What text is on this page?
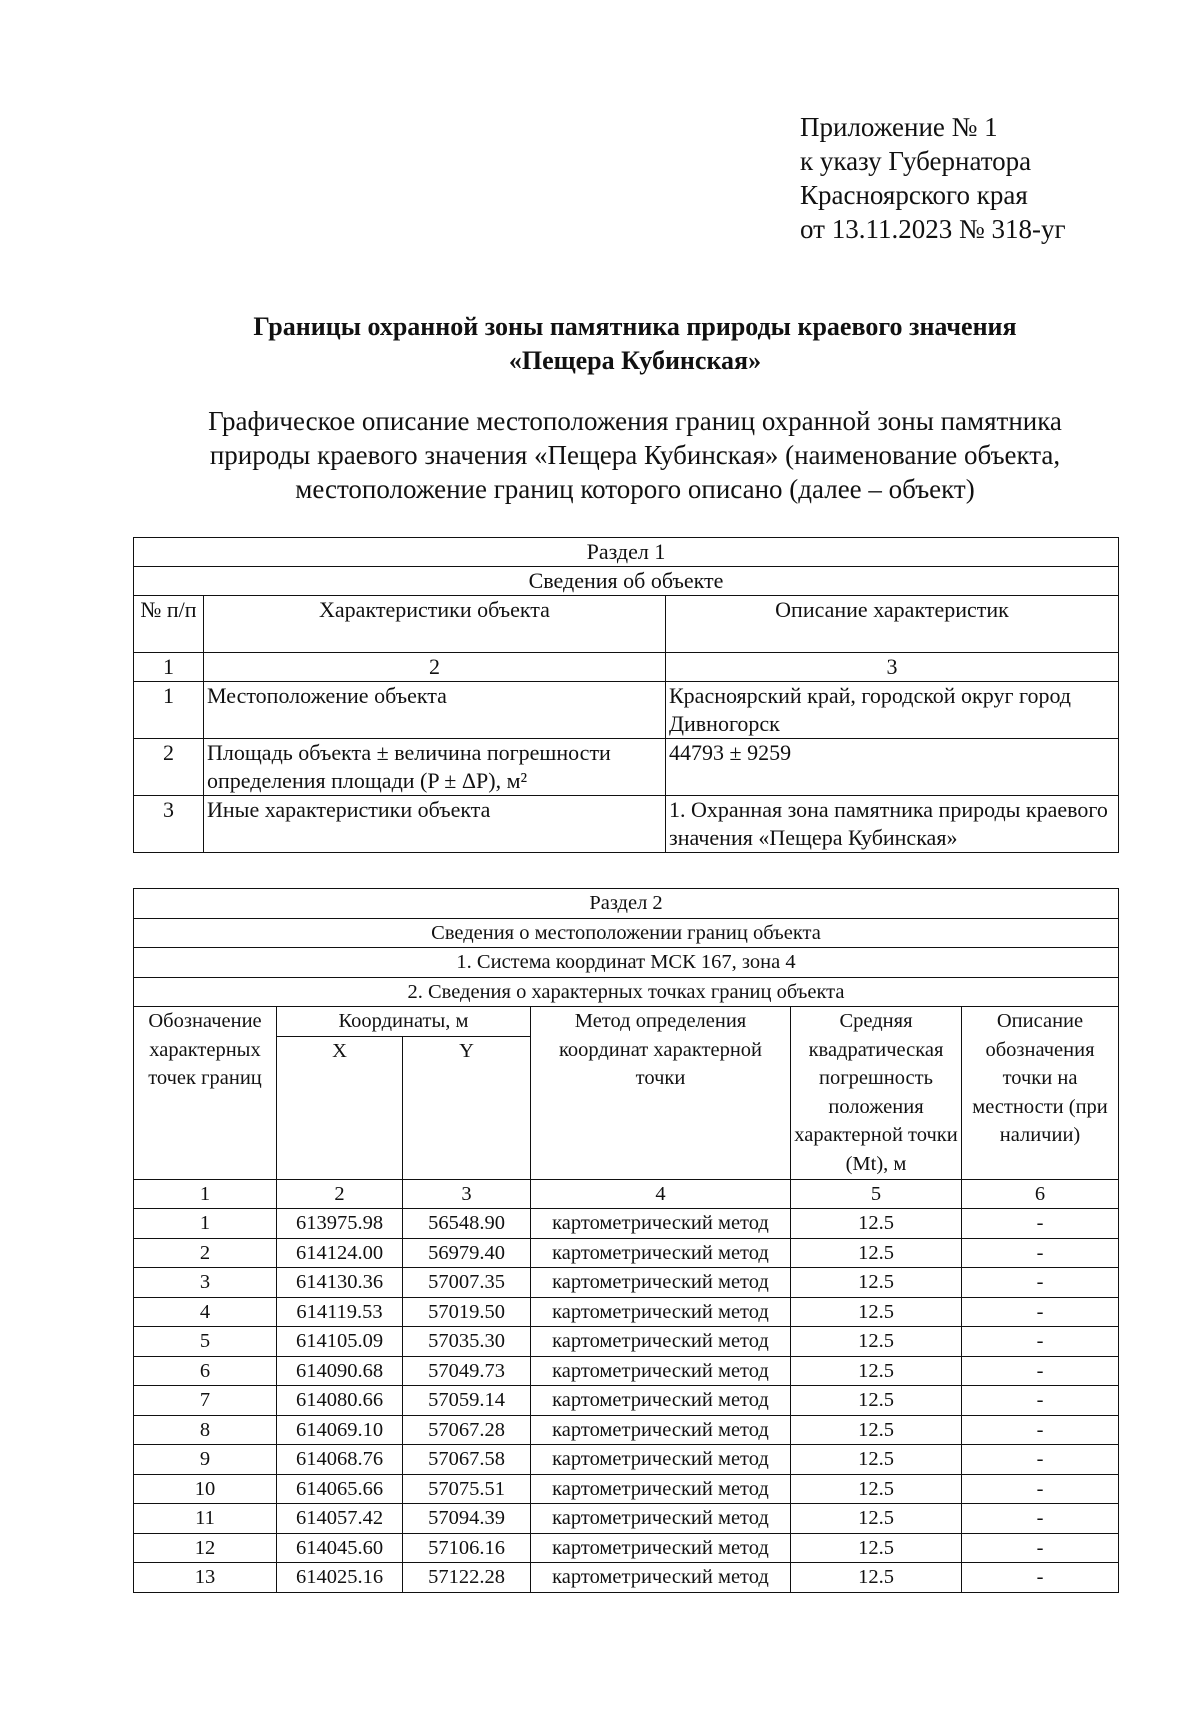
Приложение № 1
к указу Губернатора
Красноярского края
от 13.11.2023 № 318-уг
Границы охранной зоны памятника природы краевого значения
«Пещера Кубинская»
Графическое описание местоположения границ охранной зоны памятника
природы краевого значения «Пещера Кубинская» (наименование объекта,
местоположение границ которого описано (далее – объект)
Раздел 1		
Сведения об объекте		
№ п/п	Характеристики объекта	Описание характеристик
1	2	3
1	Местоположение объекта	Красноярский край, городской округ город Дивногорск
2	Площадь объекта ± величина погрешности определения площади (P ± ΔP), м²	44793 ± 9259
3	Иные характеристики объекта	1. Охранная зона памятника природы краевого значения «Пещера Кубинская»
Раздел 2					
Сведения о местоположении границ объекта					
1. Система координат МСК 167, зона 4					
2. Сведения о характерных точках границ объекта					
Обозначение характерных точек границ	Координаты, м		Метод определения координат характерной точки	Средняя квадратическая погрешность положения характерной точки (Mt), м	Описание обозначения точки на местности (при наличии)
	X	Y			
1	2	3	4	5	6
1	613975.98	56548.90	картометрический метод	12.5	-
2	614124.00	56979.40	картометрический метод	12.5	-
3	614130.36	57007.35	картометрический метод	12.5	-
4	614119.53	57019.50	картометрический метод	12.5	-
5	614105.09	57035.30	картометрический метод	12.5	-
6	614090.68	57049.73	картометрический метод	12.5	-
7	614080.66	57059.14	картометрический метод	12.5	-
8	614069.10	57067.28	картометрический метод	12.5	-
9	614068.76	57067.58	картометрический метод	12.5	-
10	614065.66	57075.51	картометрический метод	12.5	-
11	614057.42	57094.39	картометрический метод	12.5	-
12	614045.60	57106.16	картометрический метод	12.5	-
13	614025.16	57122.28	картометрический метод	12.5	-
